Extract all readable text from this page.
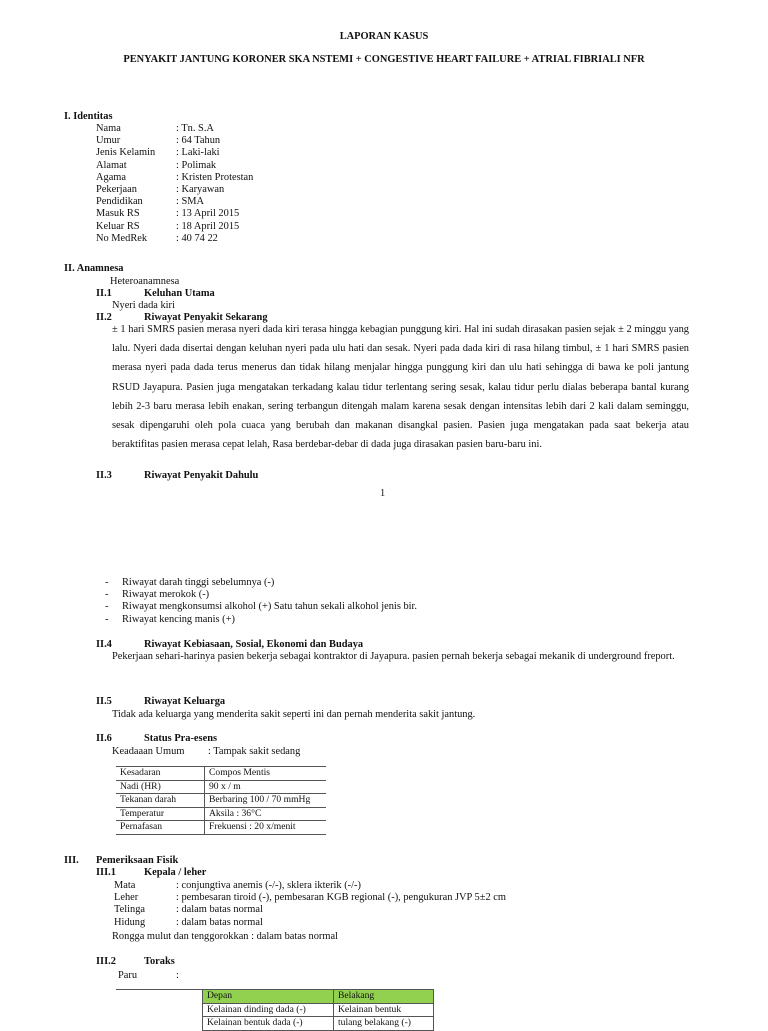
LAPORAN KASUS
PENYAKIT JANTUNG KORONER SKA NSTEMI + CONGESTIVE HEART FAILURE + ATRIAL FIBRIALI NFR
I. Identitas
Nama	: Tn. S.A
Umur	: 64 Tahun
Jenis Kelamin : Laki-laki
Alamat	: Polimak
Agama	: Kristen Protestan
Pekerjaan	: Karyawan
Pendidikan	: SMA
Masuk RS	: 13 April 2015
Keluar RS	: 18 April 2015
No MedRek	: 40 74 22
II. Anamnesa
Heteroanamnesa
II.1	Keluhan Utama
Nyeri dada kiri
II.2	Riwayat Penyakit Sekarang
± 1 hari SMRS pasien merasa nyeri dada kiri terasa hingga kebagian punggung kiri. Hal ini sudah dirasakan pasien sejak ± 2 minggu yang lalu. Nyeri dada disertai dengan keluhan nyeri pada ulu hati dan sesak. Nyeri pada dada kiri di rasa hilang timbul, ± 1 hari SMRS pasien merasa nyeri pada dada terus menerus dan tidak hilang menjalar hingga punggung kiri dan ulu hati sehingga di bawa ke poli jantung RSUD Jayapura. Pasien juga mengatakan terkadang kalau tidur terlentang sering sesak, kalau tidur perlu dialas beberapa bantal kurang lebih 2-3 baru merasa lebih enakan, sering terbangun ditengah malam karena sesak dengan intensitas lebih dari 2 kali dalam seminggu, sesak dipengaruhi oleh pola cuaca yang berubah dan makanan disangkal pasien. Pasien juga mengatakan pada saat bekerja atau beraktifitas pasien merasa cepat lelah, Rasa berdebar-debar di dada juga dirasakan pasien baru-baru ini.
II.3	Riwayat Penyakit Dahulu
1
- Riwayat darah tinggi sebelumnya (-)
- Riwayat merokok (-)
- Riwayat mengkonsumsi alkohol (+) Satu tahun sekali alkohol jenis bir.
- Riwayat kencing manis (+)
II.4	Riwayat Kebiasaan, Sosial, Ekonomi dan Budaya
Pekerjaan sehari-harinya pasien bekerja sebagai kontraktor di Jayapura. pasien pernah bekerja sebagai mekanik di underground freport.
II.5	Riwayat Keluarga
Tidak ada keluarga yang menderita sakit seperti ini dan pernah menderita sakit jantung.
II.6	Status Pra-esens
Keadaaan Umum : Tampak sakit sedang
Kesadaran	Compos Mentis
Nadi (HR)	90 x / m
Tekanan darah	Berbaring 100 / 70 mmHg
Temperatur	Aksila : 36°C
Pernafasan	Frekuensi : 20 x/menit
III. Pemeriksaan Fisik
III.1	Kepala / leher
Mata	: conjungtiva anemis (-/-), sklera ikterik (-/-)
Leher	: pembesaran tiroid (-), pembesaran KGB regional (-), pengukuran JVP 5±2 cm
Telinga	: dalam batas normal
Hidung	: dalam batas normal
Rongga mulut dan tenggorokkan : dalam batas normal
III.2	Toraks
Paru	:
Depan	Belakang
Kelainan dinding dada (-)	Kelainan bentuk
Kelainan bentuk dada (-)	tulang belakang (-)
